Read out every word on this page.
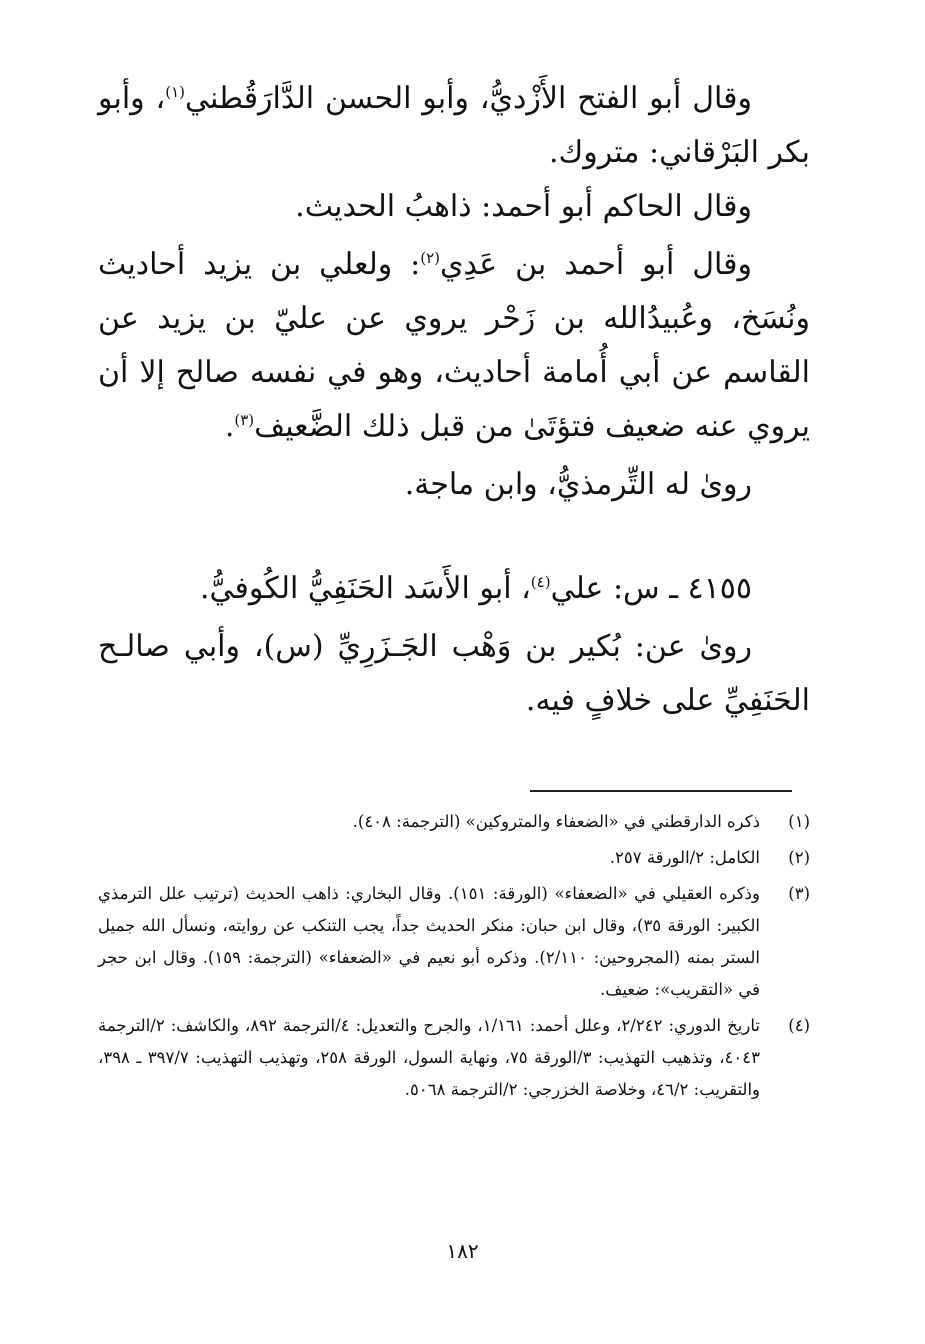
وقال أبو الفتح الأَزْديُّ، وأبو الحسن الدَّارَقُطني$^{(١)}$، وأبو بكر البَرْقاني: متروك.

وقال الحاكم أبو أحمد: ذاهبُ الحديث.

وقال أبو أحمد بن عَدِي$^{(٢)}$: ولعلي بن يزيد أحاديث ونُسَخ، وعُبيدُالله بن زَحْر يروي عن عليّ بن يزيد عن القاسم عن أبي أُمامة أحاديث، وهو في نفسه صالح إلا أن يروي عنه ضعيف فتؤتَىٰ من قبل ذلك الضَّعيف$^{(٣)}$.

روىٰ له التِّرمذيُّ، وابن ماجة.

٤١٥٥ ـ س: علي$^{(٤)}$، أبو الأَسَد الحَنَفِيُّ الكُوفيُّ.

روىٰ عن: بُكير بن وَهْب الجَـزَرِيِّ (س)، وأبي صالـح الحَنَفِيِّ على خلافٍ فيه.

(١)
ذكره الدارقطني في «الضعفاء والمتروكين» (الترجمة: ٤٠٨).
(٢)
الكامل: ٢/الورقة ٢٥٧.
(٣)
وذكره العقيلي في «الضعفاء» (الورقة: ١٥١). وقال البخاري: ذاهب الحديث (ترتيب علل الترمذي الكبير: الورقة ٣٥)، وقال ابن حبان: منكر الحديث جداً، يجب التنكب عن روايته، ونسأل الله جميل الستر بمنه (المجروحين: ٢/١١٠). وذكره أبو نعيم في «الضعفاء» (الترجمة: ١٥٩). وقال ابن حجر في «التقريب»: ضعيف.
(٤)
تاريخ الدوري: ٢/٢٤٢، وعلل أحمد: ١/١٦١، والجرح والتعديل: ٤/الترجمة ٨٩٢، والكاشف: ٢/الترجمة ٤٠٤٣، وتذهيب التهذيب: ٣/الورقة ٧٥، ونهاية السول، الورقة ٢٥٨، وتهذيب التهذيب: ٣٩٧/٧ ـ ٣٩٨، والتقريب: ٤٦/٢، وخلاصة الخزرجي: ٢/الترجمة ٥٠٦٨.
١٨٢
